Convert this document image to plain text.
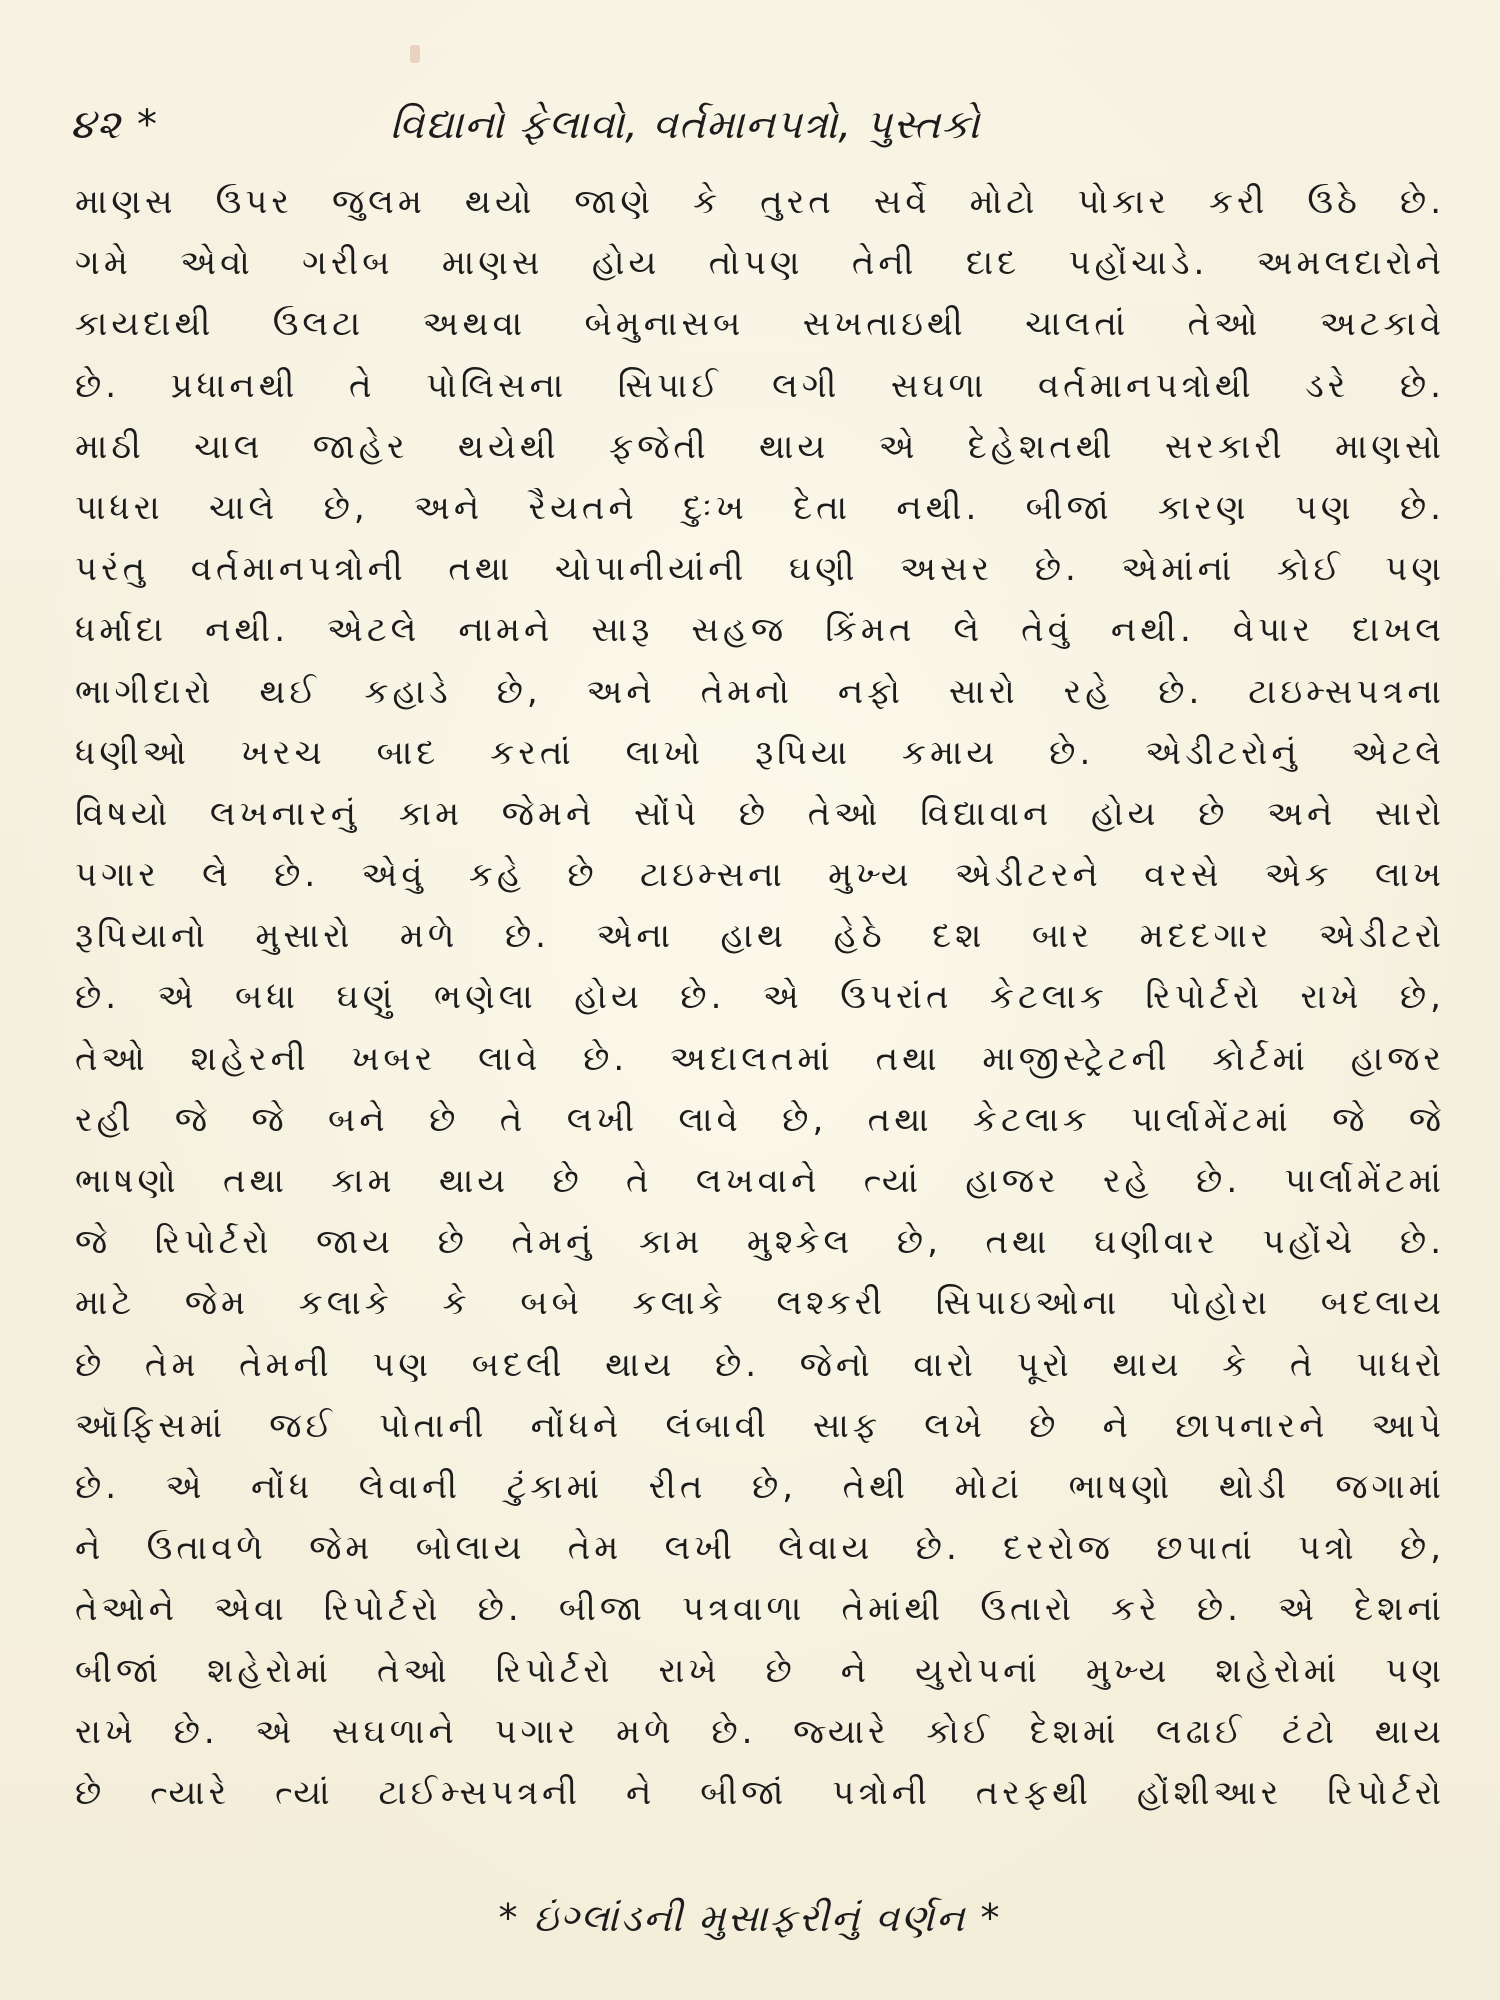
૪૨ *	વિદ્યાનો ફેલાવો, વર્તમાનપત્રો, પુસ્તકો
માણસ ઉપર જુલમ થયો જાણે કે તુરત સર્વે મોટો પોકાર કરી ઉઠે છે.
ગમે એવો ગરીબ માણસ હોય તોપણ તેની દાદ પહોંચાડે. અમલદારોને
કાયદાથી ઉલટા અથવા બેમુનાસબ સખતાઇથી ચાલતાં તેઓ અટકાવે
છે. પ્રધાનથી તે પોલિસના સિપાઈ લગી સઘળા વર્તમાનપત્રોથી ડરે છે.
માઠી ચાલ જાહેર થયેથી ફજેતી થાય એ દેહેશતથી સરકારી માણસો
પાધરા ચાલે છે, અને રૈયતને દુઃખ દેતા નથી. બીજાં કારણ પણ છે.
પરંતુ વર્તમાનપત્રોની તથા ચોપાનીયાંની ઘણી અસર છે. એમાંનાં કોઈ પણ
ધર્માદા નથી. એટલે નામને સારૂ સહજ કિંમત લે તેવું નથી. વેપાર દાખલ
ભાગીદારો થઈ કહાડે છે, અને તેમનો નફો સારો રહે છે. ટાઇમ્સપત્રના
ધણીઓ ખરચ બાદ કરતાં લાખો રૂપિયા કમાય છે. એડીટરોનું એટલે
વિષયો લખનારનું કામ જેમને સોંપે છે તેઓ વિદ્યાવાન હોય છે અને સારો
પગાર લે છે. એવું કહે છે ટાઇમ્સના મુખ્ય એડીટરને વરસે એક લાખ
રૂપિયાનો મુસારો મળે છે. એના હાથ હેઠે દશ બાર મદદગાર એડીટરો
છે. એ બધા ઘણું ભણેલા હોય છે. એ ઉપરાંત કેટલાક રિપોર્ટરો રાખે છે,
તેઓ શહેરની ખબર લાવે છે. અદાલતમાં તથા માજીસ્ટ્રેટની કોર્ટમાં હાજર
રહી જે જે બને છે તે લખી લાવે છે, તથા કેટલાક પાર્લામેંટમાં જે જે
ભાષણો તથા કામ થાય છે તે લખવાને ત્યાં હાજર રહે છે. પાર્લામેંટમાં
જે રિપોર્ટરો જાય છે તેમનું કામ મુશ્કેલ છે, તથા ઘણીવાર પહોંચે છે.
માટે જેમ કલાકે કે બબે કલાકે લશ્કરી સિપાઇઓના પોહોરા બદલાય
છે તેમ તેમની પણ બદલી થાય છે. જેનો વારો પૂરો થાય કે તે પાધરો
ઑફિસમાં જઈ પોતાની નોંધને લંબાવી સાફ લખે છે ને છાપનારને આપે
છે. એ નોંધ લેવાની ટુંકામાં રીત છે, તેથી મોટાં ભાષણો થોડી જગામાં
ને ઉતાવળે જેમ બોલાય તેમ લખી લેવાય છે. દરરોજ છપાતાં પત્રો છે,
તેઓને એવા રિપોર્ટરો છે. બીજા પત્રવાળા તેમાંથી ઉતારો કરે છે. એ દેશનાં
બીજાં શહેરોમાં તેઓ રિપોર્ટરો રાખે છે ને યુરોપનાં મુખ્ય શહેરોમાં પણ
રાખે છે. એ સઘળાને પગાર મળે છે. જ્યારે કોઈ દેશમાં લઢાઈ ટંટો થાય
છે ત્યારે ત્યાં ટાઈમ્સપત્રની ને બીજાં પત્રોની તરફથી હોંશીઆર રિપોર્ટરો
* ઇંગ્લાંડની મુસાફરીનું વર્ણન *
